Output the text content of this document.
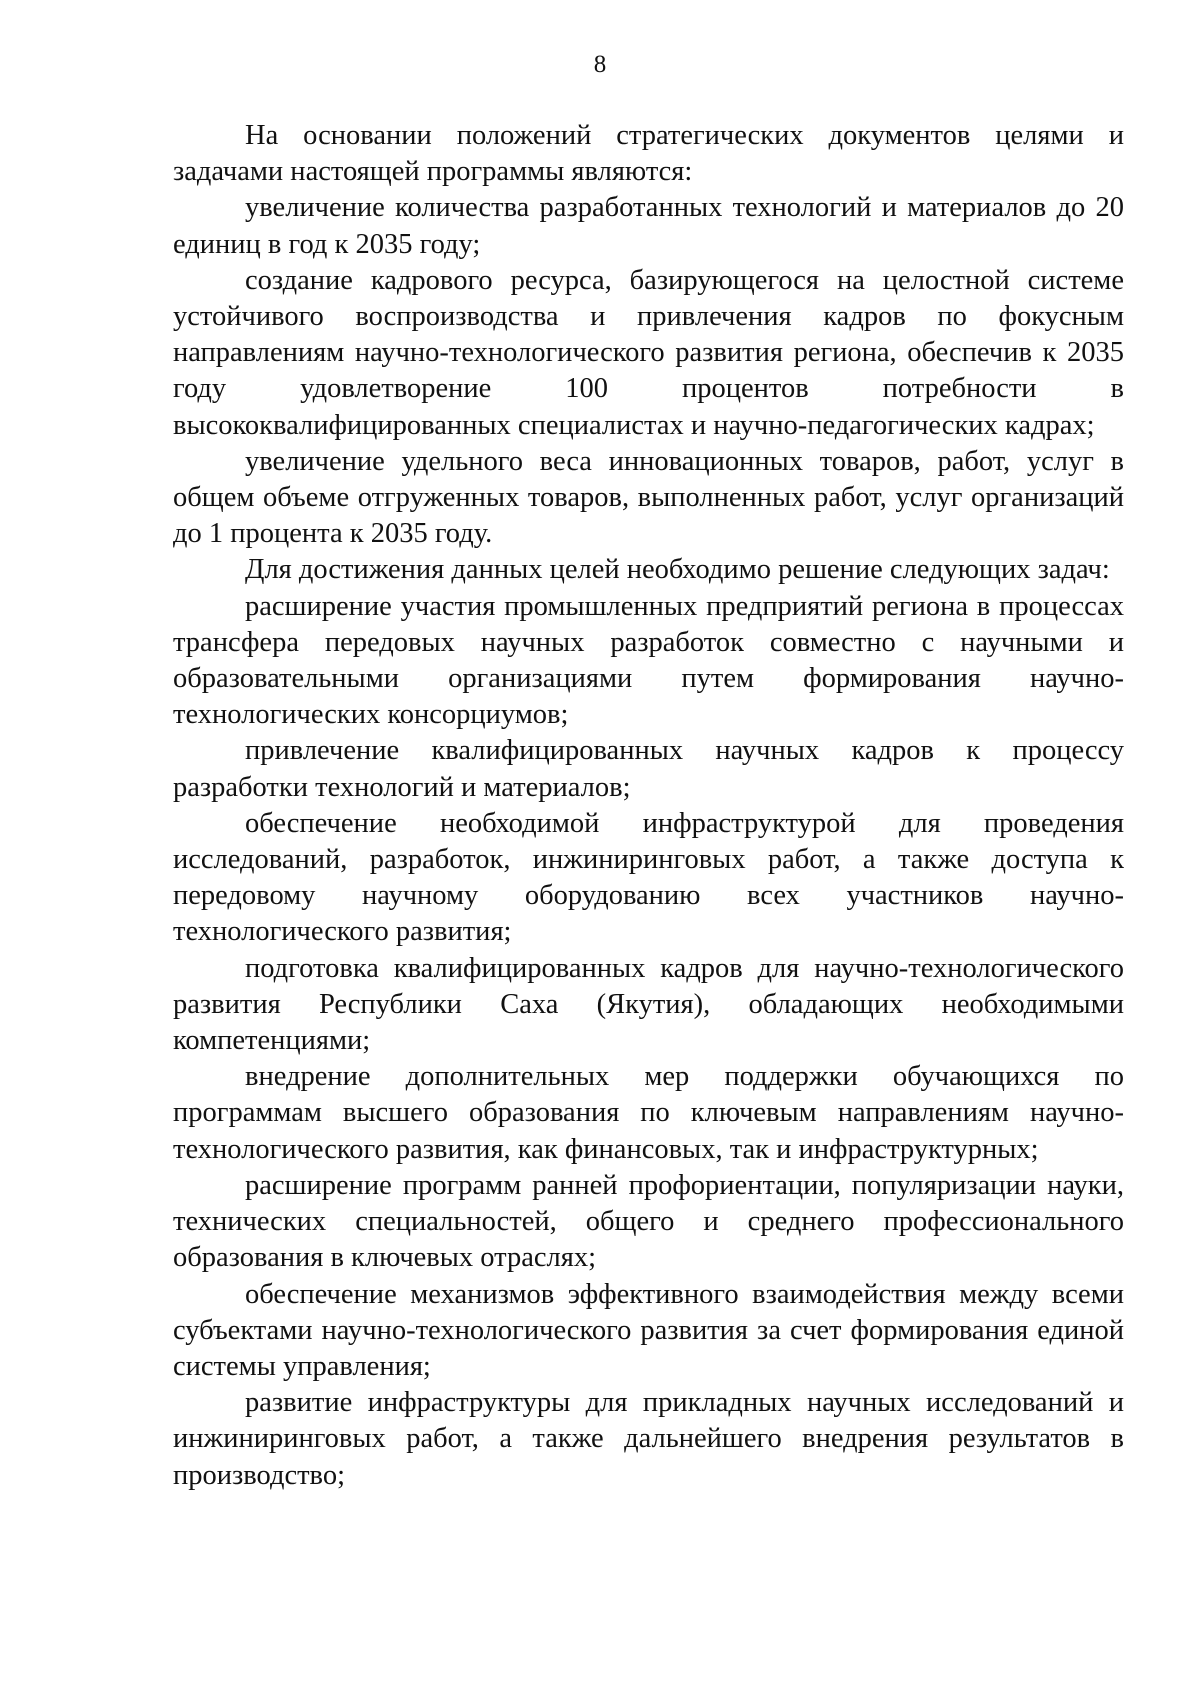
8

На основании положений стратегических документов целями и задачами настоящей программы являются:

увеличение количества разработанных технологий и материалов до 20 единиц в год к 2035 году;

создание кадрового ресурса, базирующегося на целостной системе устойчивого воспроизводства и привлечения кадров по фокусным направлениям научно-технологического развития региона, обеспечив к 2035 году удовлетворение 100 процентов потребности в высококвалифицированных специалистах и научно-педагогических кадрах;

увеличение удельного веса инновационных товаров, работ, услуг в общем объеме отгруженных товаров, выполненных работ, услуг организаций до 1 процента к 2035 году.

Для достижения данных целей необходимо решение следующих задач:

расширение участия промышленных предприятий региона в процессах трансфера передовых научных разработок совместно с научными и образовательными организациями путем формирования научно-технологических консорциумов;

привлечение квалифицированных научных кадров к процессу разработки технологий и материалов;

обеспечение необходимой инфраструктурой для проведения исследований, разработок, инжиниринговых работ, а также доступа к передовому научному оборудованию всех участников научно-технологического развития;

подготовка квалифицированных кадров для научно-технологического развития Республики Саха (Якутия), обладающих необходимыми компетенциями;

внедрение дополнительных мер поддержки обучающихся по программам высшего образования по ключевым направлениям научно-технологического развития, как финансовых, так и инфраструктурных;

расширение программ ранней профориентации, популяризации науки, технических специальностей, общего и среднего профессионального образования в ключевых отраслях;

обеспечение механизмов эффективного взаимодействия между всеми субъектами научно-технологического развития за счет формирования единой системы управления;

развитие инфраструктуры для прикладных научных исследований и инжиниринговых работ, а также дальнейшего внедрения результатов в производство;
